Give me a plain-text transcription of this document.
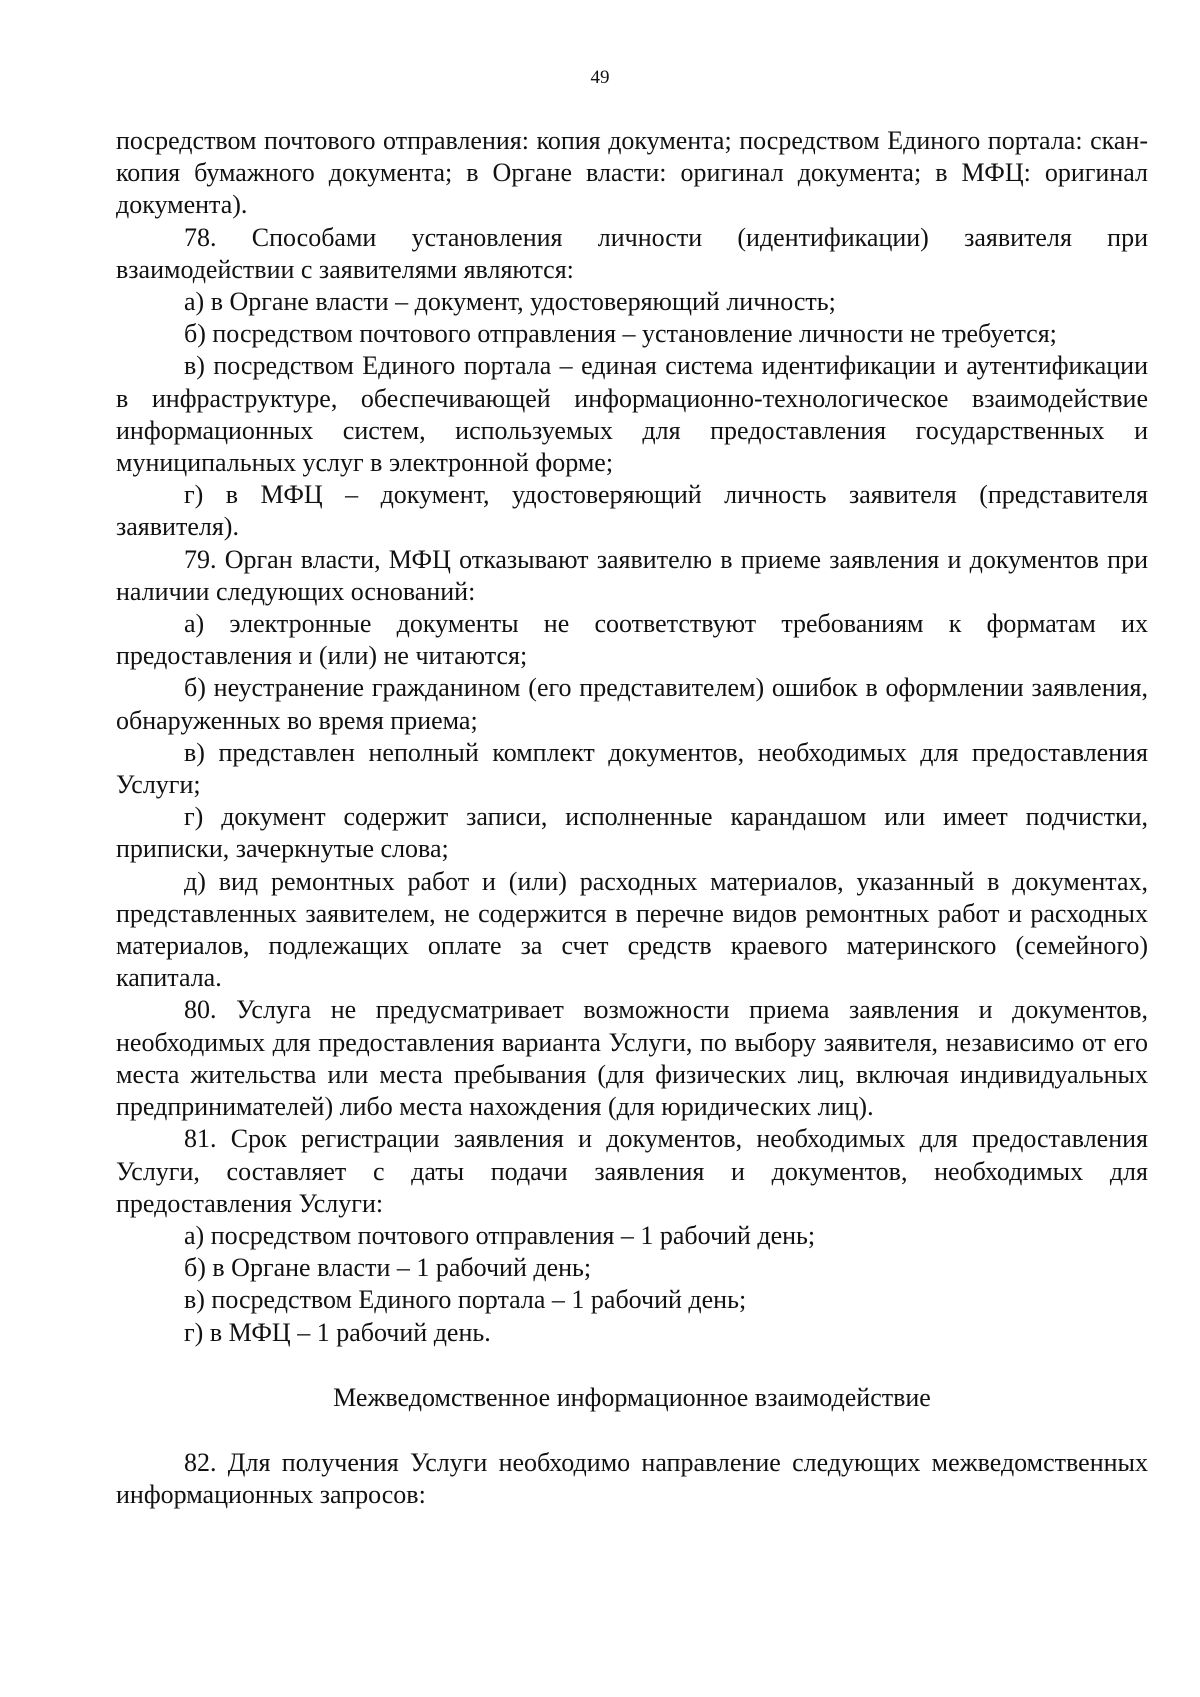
49

посредством почтового отправления: копия документа; посредством Единого портала: скан-копия бумажного документа; в Органе власти: оригинал документа; в МФЦ: оригинал документа).

78. Способами установления личности (идентификации) заявителя при взаимодействии с заявителями являются:

а) в Органе власти – документ, удостоверяющий личность;

б) посредством почтового отправления – установление личности не требуется;

в) посредством Единого портала – единая система идентификации и аутентификации в инфраструктуре, обеспечивающей информационно-технологическое взаимодействие информационных систем, используемых для предоставления государственных и муниципальных услуг в электронной форме;

г) в МФЦ – документ, удостоверяющий личность заявителя (представителя заявителя).

79. Орган власти, МФЦ отказывают заявителю в приеме заявления и документов при наличии следующих оснований:

а) электронные документы не соответствуют требованиям к форматам их предоставления и (или) не читаются;

б) неустранение гражданином (его представителем) ошибок в оформлении заявления, обнаруженных во время приема;

в) представлен неполный комплект документов, необходимых для предоставления Услуги;

г) документ содержит записи, исполненные карандашом или имеет подчистки, приписки, зачеркнутые слова;

д) вид ремонтных работ и (или) расходных материалов, указанный в документах, представленных заявителем, не содержится в перечне видов ремонтных работ и расходных материалов, подлежащих оплате за счет средств краевого материнского (семейного) капитала.

80. Услуга не предусматривает возможности приема заявления и документов, необходимых для предоставления варианта Услуги, по выбору заявителя, независимо от его места жительства или места пребывания (для физических лиц, включая индивидуальных предпринимателей) либо места нахождения (для юридических лиц).

81. Срок регистрации заявления и документов, необходимых для предоставления Услуги, составляет с даты подачи заявления и документов, необходимых для предоставления Услуги:

а) посредством почтового отправления – 1 рабочий день;

б) в Органе власти – 1 рабочий день;

в) посредством Единого портала – 1 рабочий день;

г) в МФЦ – 1 рабочий день.

Межведомственное информационное взаимодействие

82. Для получения Услуги необходимо направление следующих межведомственных информационных запросов:
